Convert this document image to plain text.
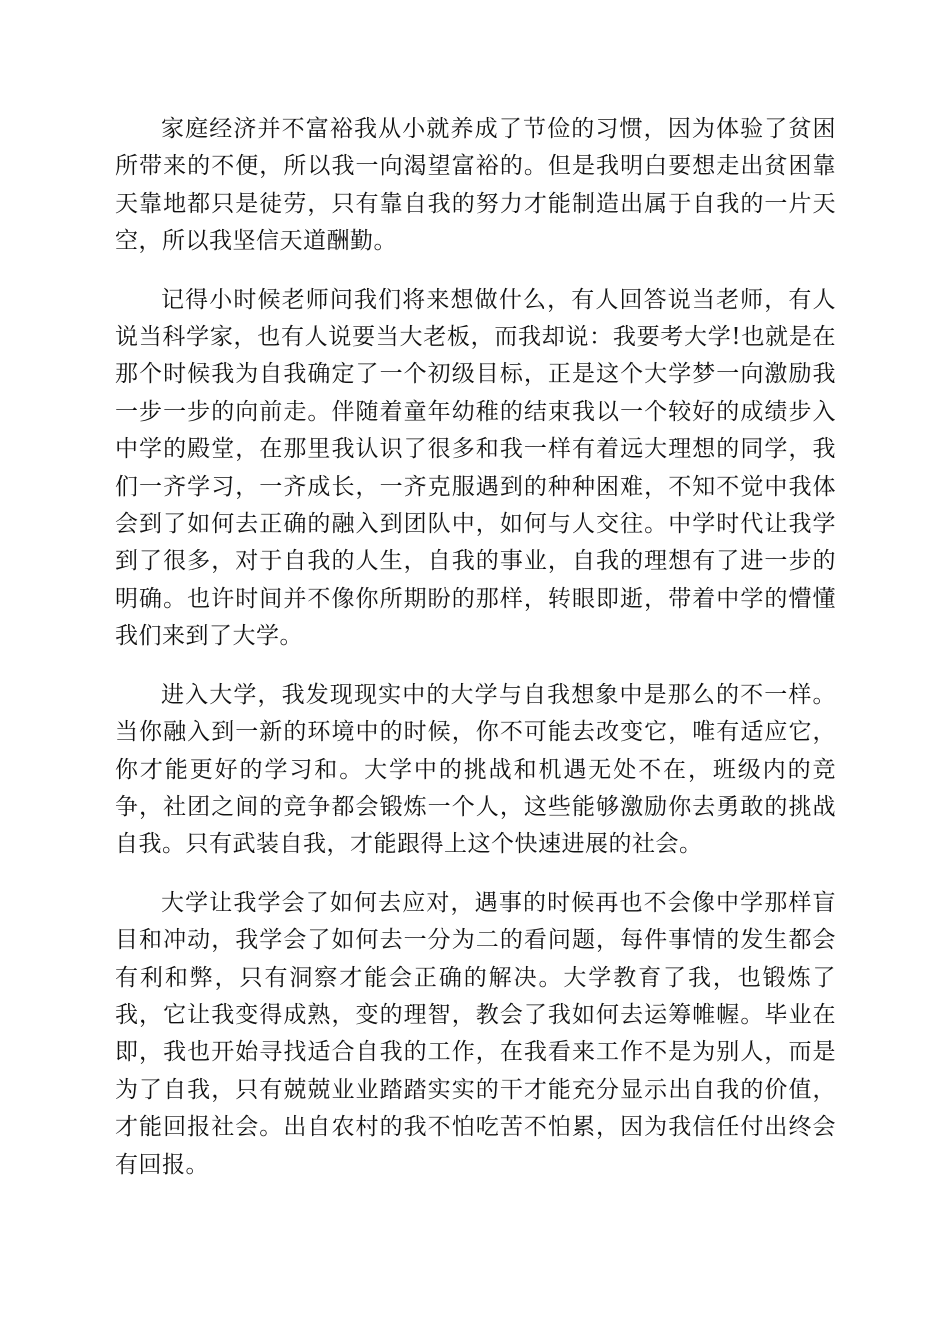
家庭经济并不富裕我从小就养成了节俭的习惯，因为体验了贫困所带来的不便，所以我一向渴望富裕的。但是我明白要想走出贫困靠天靠地都只是徒劳，只有靠自我的努力才能制造出属于自我的一片天空，所以我坚信天道酬勤。

记得小时候老师问我们将来想做什么，有人回答说当老师，有人说当科学家，也有人说要当大老板，而我却说：我要考大学!也就是在那个时候我为自我确定了一个初级目标，正是这个大学梦一向激励我一步一步的向前走。伴随着童年幼稚的结束我以一个较好的成绩步入中学的殿堂，在那里我认识了很多和我一样有着远大理想的同学，我们一齐学习，一齐成长，一齐克服遇到的种种困难，不知不觉中我体会到了如何去正确的融入到团队中，如何与人交往。中学时代让我学到了很多，对于自我的人生，自我的事业，自我的理想有了进一步的明确。也许时间并不像你所期盼的那样，转眼即逝，带着中学的懵懂我们来到了大学。

进入大学，我发现现实中的大学与自我想象中是那么的不一样。当你融入到一新的环境中的时候，你不可能去改变它，唯有适应它，你才能更好的学习和。大学中的挑战和机遇无处不在，班级内的竞争，社团之间的竞争都会锻炼一个人，这些能够激励你去勇敢的挑战自我。只有武装自我，才能跟得上这个快速进展的社会。

大学让我学会了如何去应对，遇事的时候再也不会像中学那样盲目和冲动，我学会了如何去一分为二的看问题，每件事情的发生都会有利和弊，只有洞察才能会正确的解决。大学教育了我，也锻炼了我，它让我变得成熟，变的理智，教会了我如何去运筹帷幄。毕业在即，我也开始寻找适合自我的工作，在我看来工作不是为别人，而是为了自我，只有兢兢业业踏踏实实的干才能充分显示出自我的价值，才能回报社会。出自农村的我不怕吃苦不怕累，因为我信任付出终会有回报。
